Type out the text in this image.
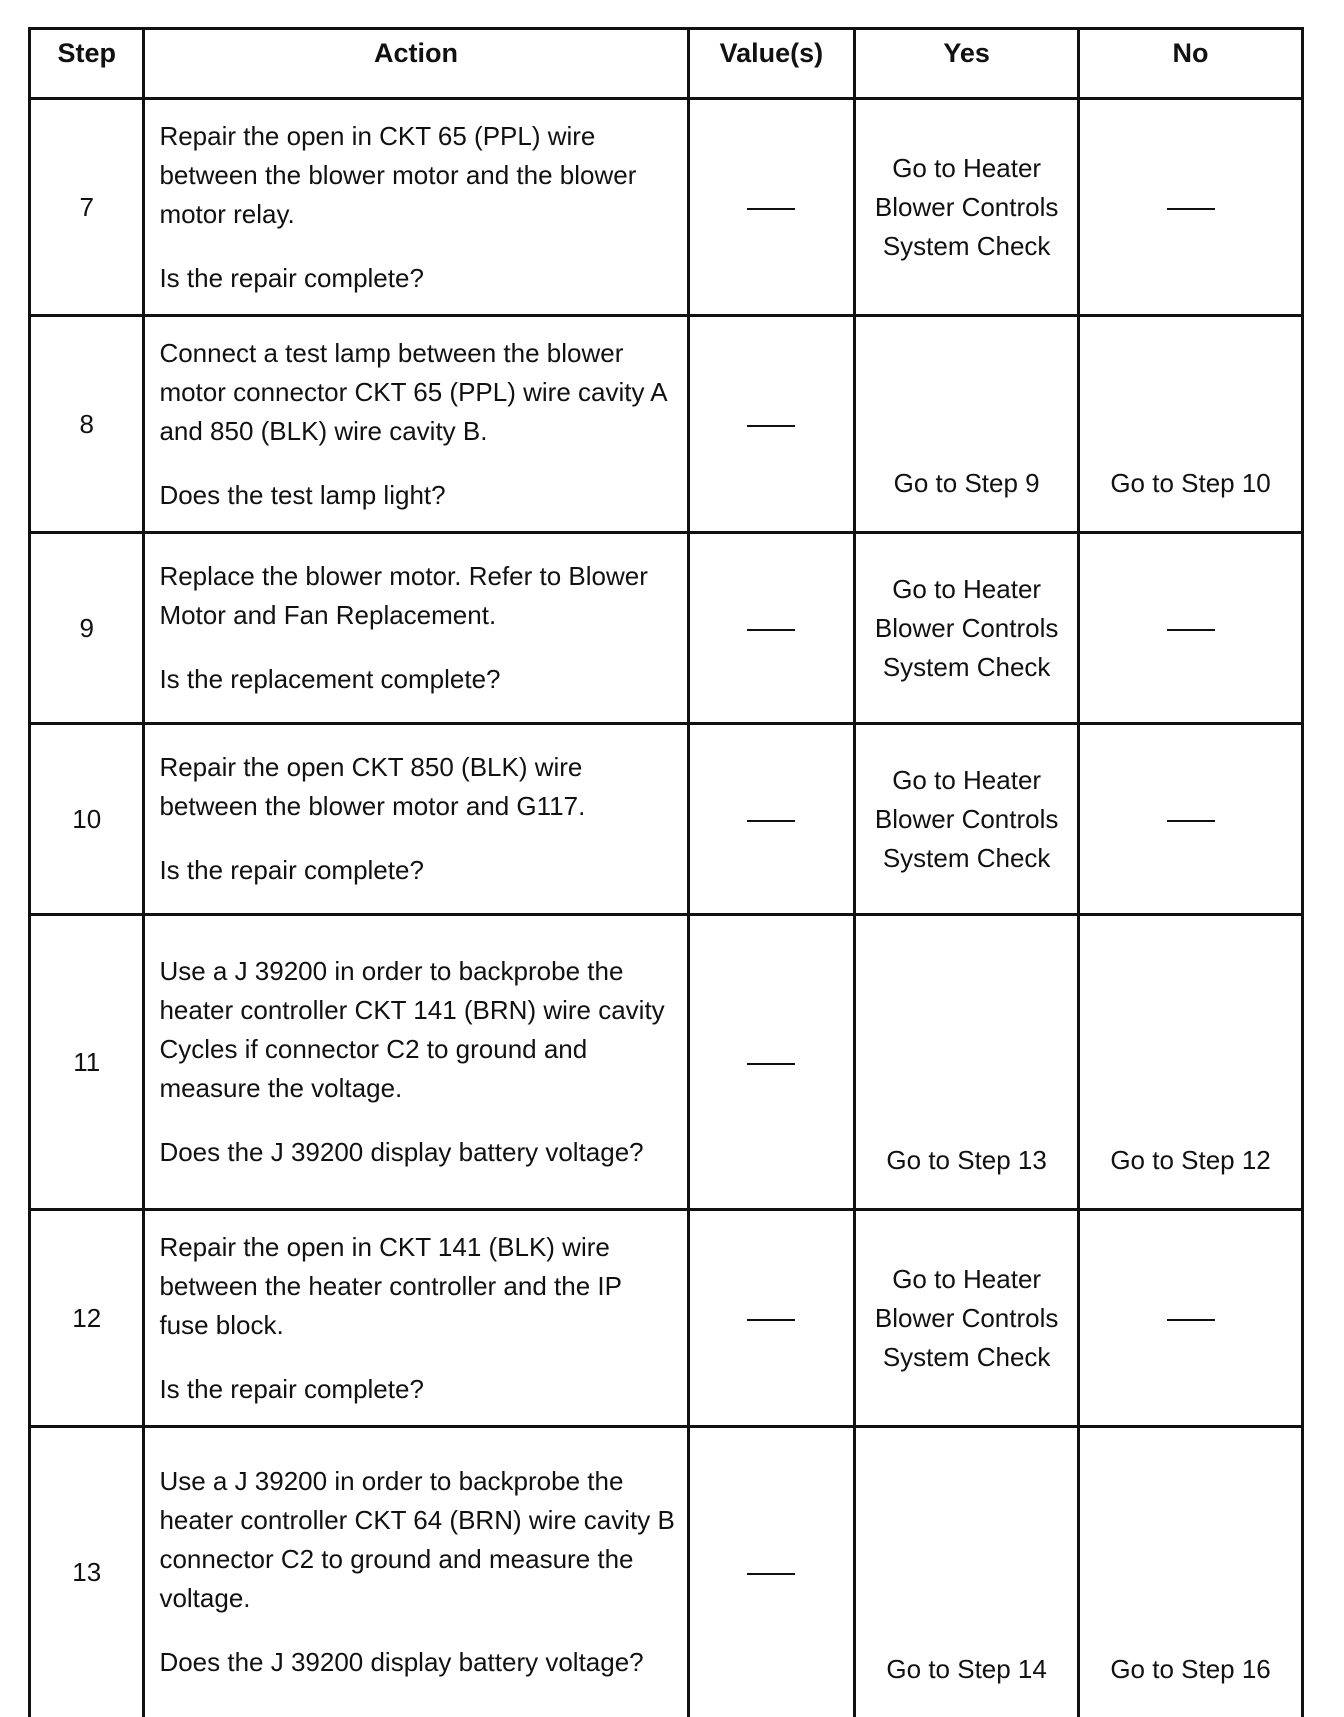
Step	Action	Value(s)	Yes	No
7	Repair the open in CKT 65 (PPL) wire between the blower motor and the blower motor relay.

Is the repair complete?		Go to Heater Blower Controls System Check	
8	Connect a test lamp between the blower motor connector CKT 65 (PPL) wire cavity A and 850 (BLK) wire cavity B.

Does the test lamp light?		Go to Step 9	Go to Step 10
9	Replace the blower motor. Refer to Blower Motor and Fan Replacement.

Is the replacement complete?		Go to Heater Blower Controls System Check	
10	Repair the open CKT 850 (BLK) wire between the blower motor and G117.

Is the repair complete?		Go to Heater Blower Controls System Check	
11	Use a J 39200 in order to backprobe the heater controller CKT 141 (BRN) wire cavity Cycles if connector C2 to ground and measure the voltage.

Does the J 39200 display battery voltage?		Go to Step 13	Go to Step 12
12	Repair the open in CKT 141 (BLK) wire between the heater controller and the IP fuse block.

Is the repair complete?		Go to Heater Blower Controls System Check	
13	Use a J 39200 in order to backprobe the heater controller CKT 64 (BRN) wire cavity B connector C2 to ground and measure the voltage.

Does the J 39200 display battery voltage?		Go to Step 14	Go to Step 16
